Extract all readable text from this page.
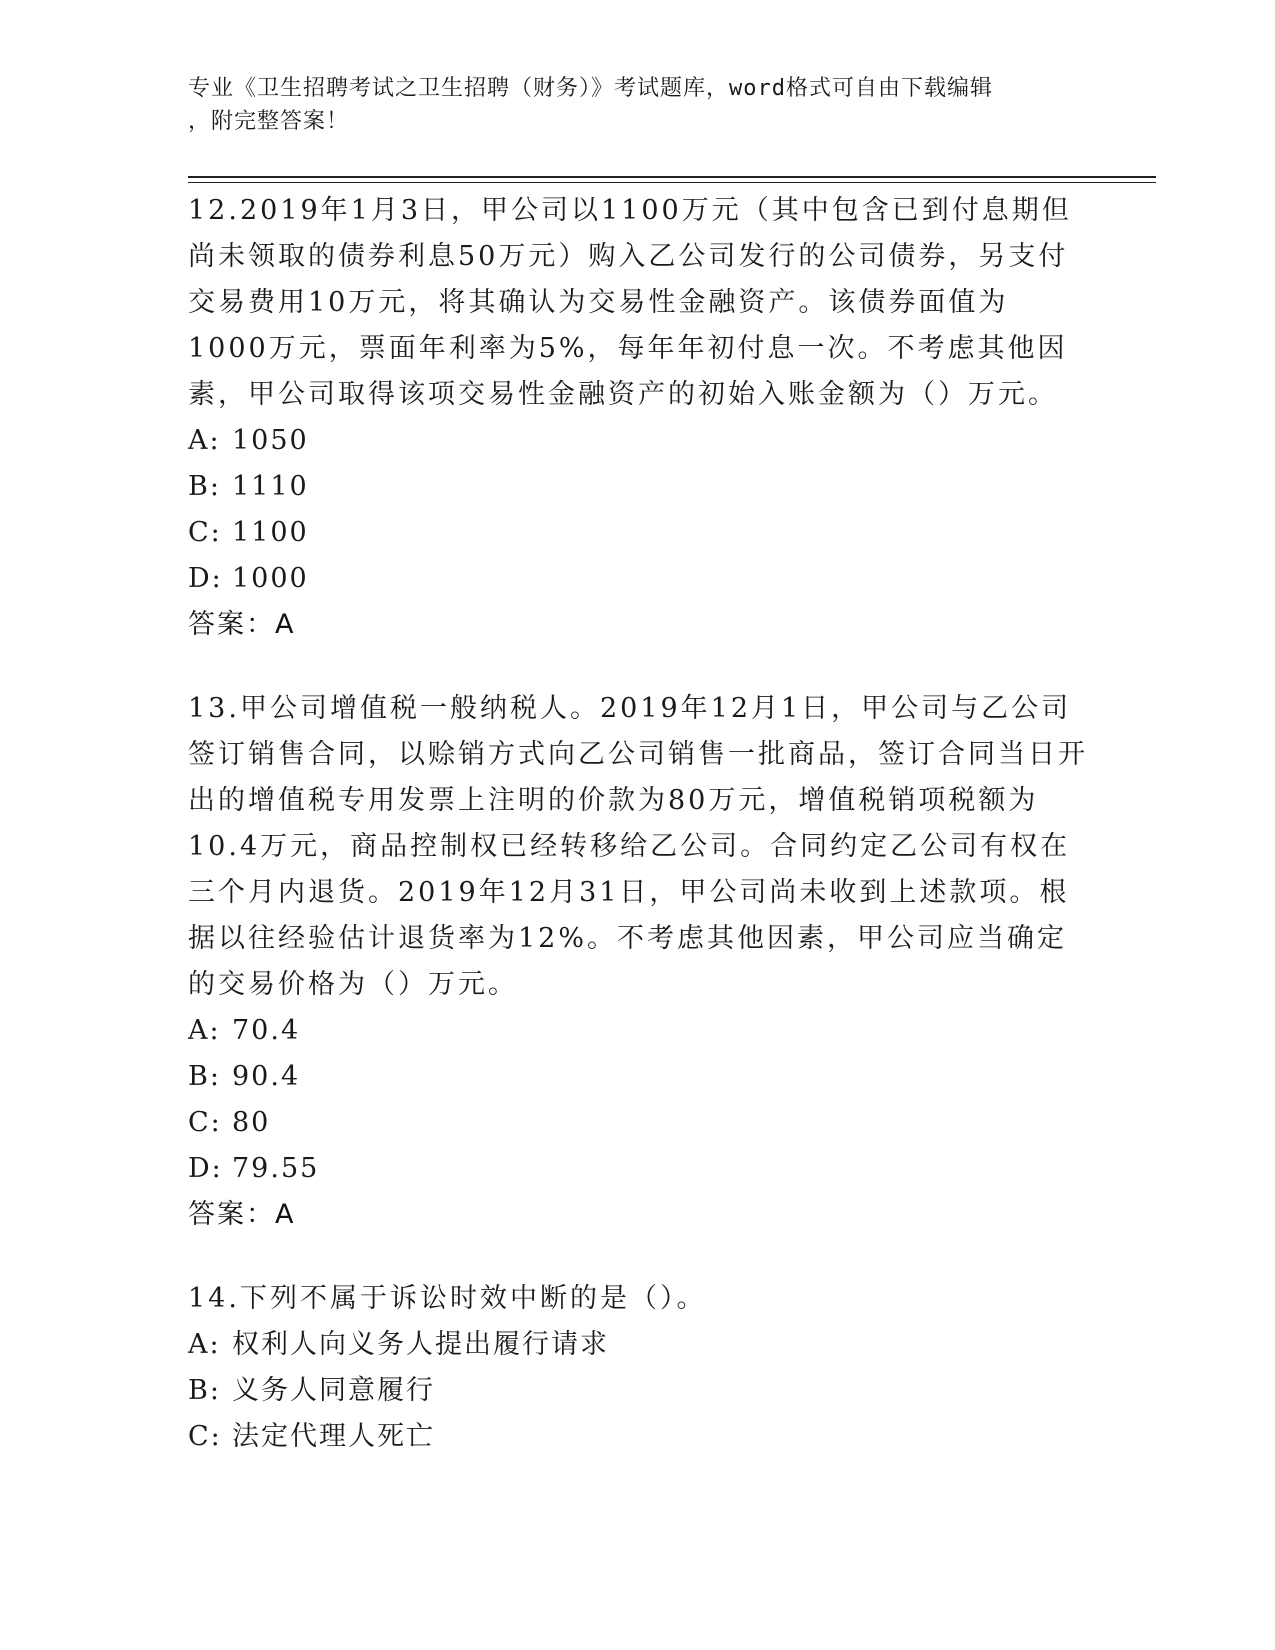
专业《卫生招聘考试之卫生招聘（财务）》考试题库，word格式可自由下载编辑
，附完整答案！

12.2019年1月3日，甲公司以1100万元（其中包含已到付息期但尚未领取的债券利息50万元）购入乙公司发行的公司债券，另支付交易费用10万元，将其确认为交易性金融资产。该债券面值为1000万元，票面年利率为5%，每年年初付息一次。不考虑其他因素，甲公司取得该项交易性金融资产的初始入账金额为（）万元。

A: 1050
B: 1110
C: 1100
D: 1000

答案：A

13.甲公司增值税一般纳税人。2019年12月1日，甲公司与乙公司签订销售合同，以赊销方式向乙公司销售一批商品，签订合同当日开出的增值税专用发票上注明的价款为80万元，增值税销项税额为10.4万元，商品控制权已经转移给乙公司。合同约定乙公司有权在三个月内退货。2019年12月31日，甲公司尚未收到上述款项。根据以往经验估计退货率为12%。不考虑其他因素，甲公司应当确定的交易价格为（）万元。

A: 70.4
B: 90.4
C: 80
D: 79.55

答案：A

14.下列不属于诉讼时效中断的是（）。

A: 权利人向义务人提出履行请求
B: 义务人同意履行
C: 法定代理人死亡
